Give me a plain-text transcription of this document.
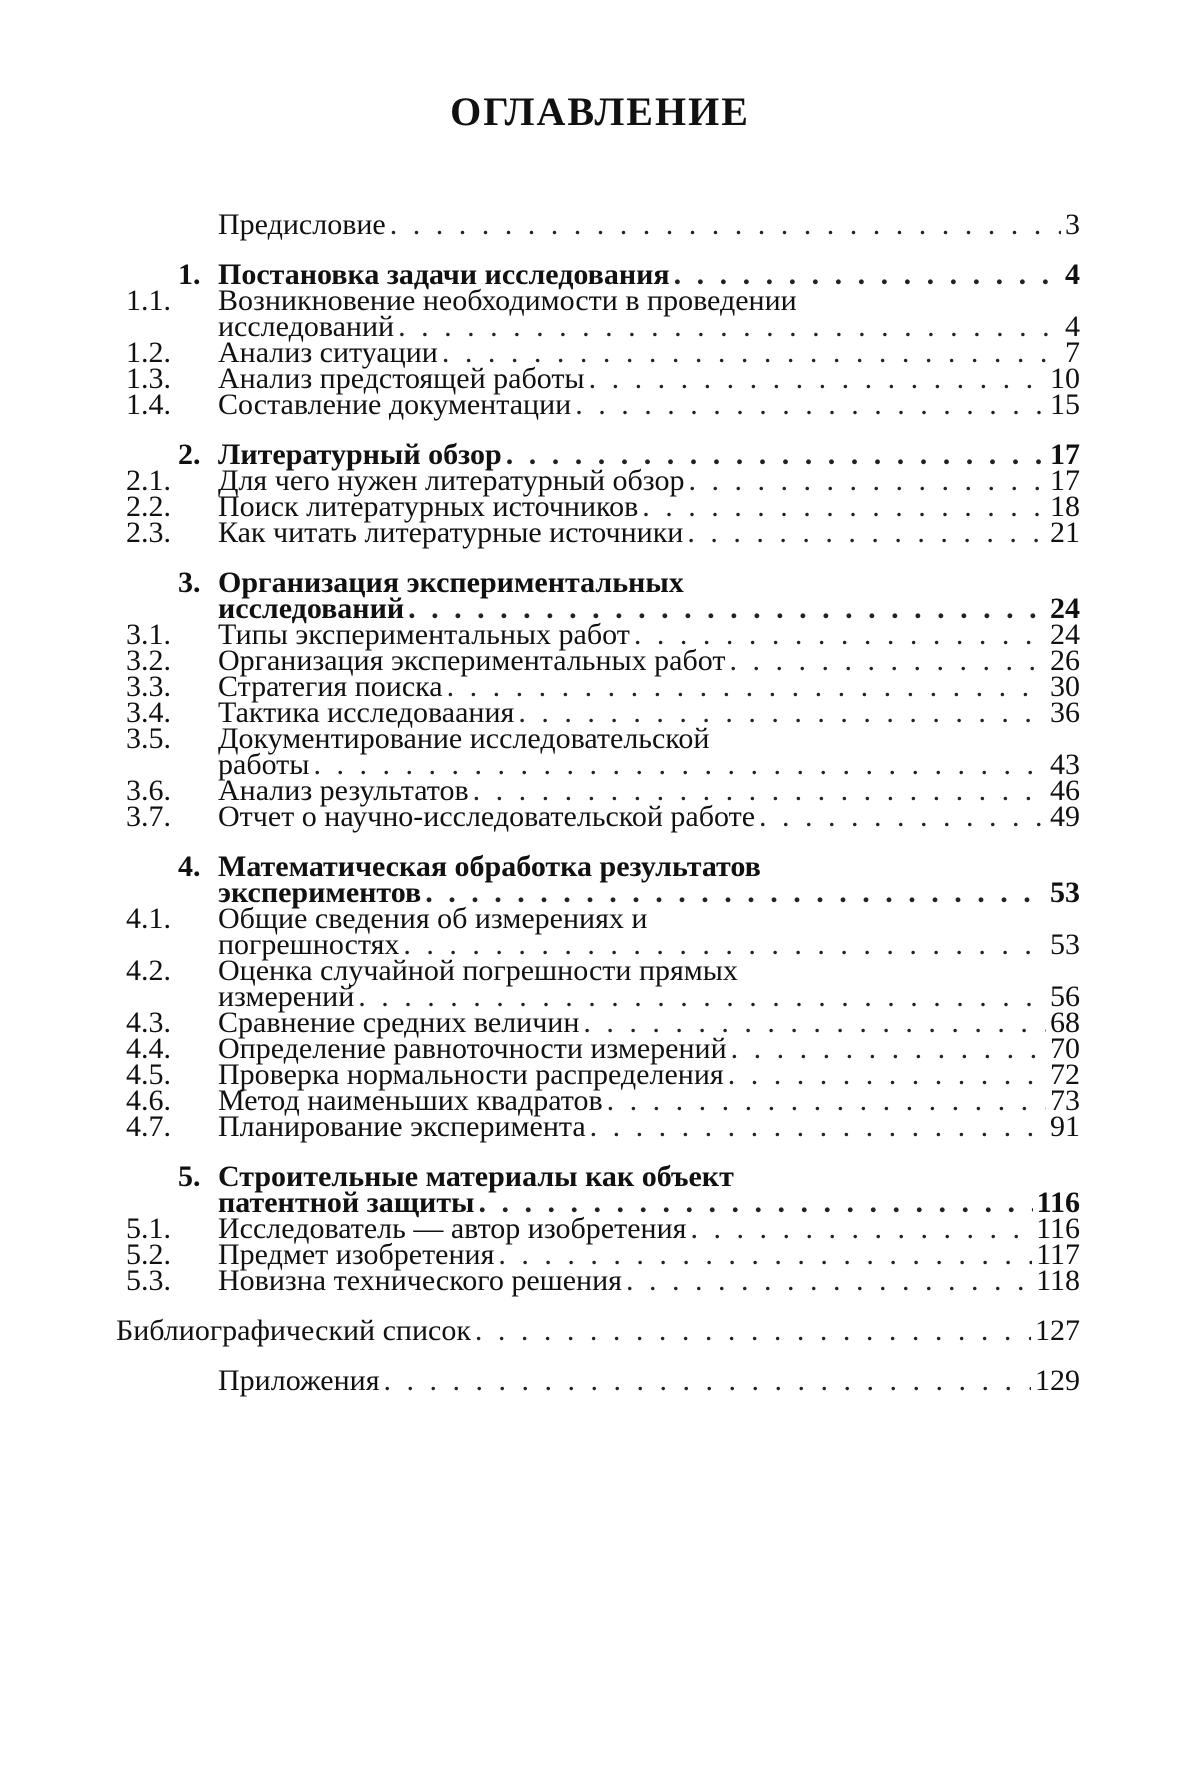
ОГЛАВЛЕНИЕ
Предисловие . . .	3
1. Постановка задачи исследования . . .	4
1.1.	Возникновение необходимости в проведении
исследований . . .	4
1.2.	Анализ ситуации . . .	7
1.3.	Анализ предстоящей работы . . .	10
1.4.	Составление документации . . .	15
2. Литературный обзор . . .	17
2.1.	Для чего нужен литературный обзор . . .	17
2.2.	Поиск литературных источников . . .	18
2.3.	Как читать литературные источники . . .	21
3. Организация экспериментальных
исследований . . .	24
3.1.	Типы экспериментальных работ . . .	24
3.2.	Организация экспериментальных работ . . .	26
3.3.	Стратегия поиска . . .	30
3.4.	Тактика исследоваания . . .	36
3.5.	Документирование исследовательской
работы . . .	43
3.6.	Анализ результатов . . .	46
3.7.	Отчет о научно-исследовательской работе . . .	49
4. Математическая обработка результатов
экспериментов . . .	53
4.1.	Общие сведения об измерениях и
погрешностях . . .	53
4.2.	Оценка случайной погрешности прямых
измерений . . .	56
4.3.	Сравнение средних величин . . .	68
4.4.	Определение равноточности измерений . . .	70
4.5.	Проверка нормальности распределения . . .	72
4.6.	Метод наименьших квадратов . . .	73
4.7.	Планирование эксперимента . . .	91
5. Строительные материалы как объект
патентной защиты . . .	116
5.1.	Исследователь — автор изобретения . . .	116
5.2.	Предмет изобретения . . .	117
5.3.	Новизна технического решения . . .	118
Библиографический список . . .	127
Приложения . . .	129
